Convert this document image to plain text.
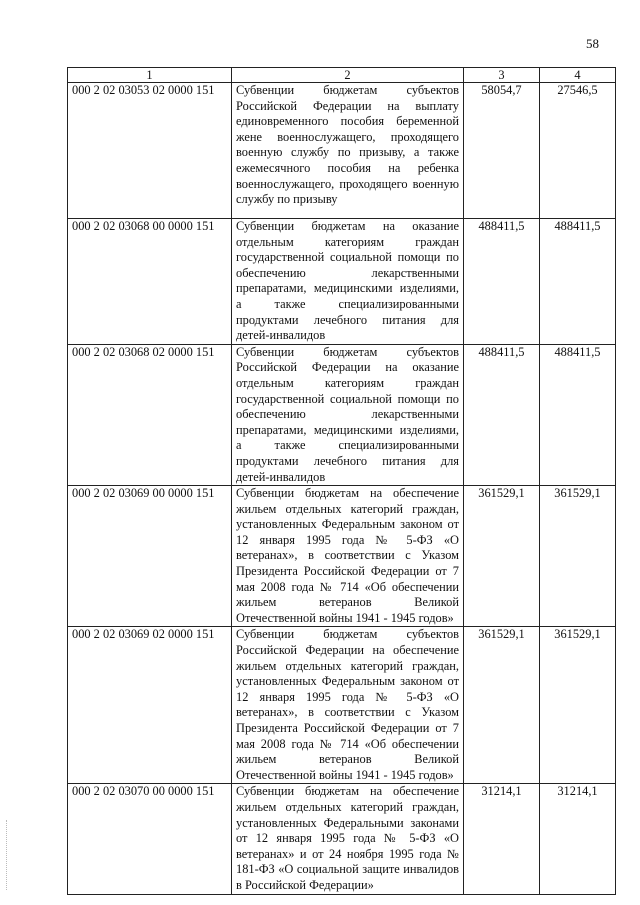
58
1	2	3	4
000 2 02 03053 02 0000 151	Субвенции бюджетам субъектов Российской Федерации на выплату единовременного пособия беременной жене военнослужащего, проходящего военную службу по призыву, а также ежемесячного пособия на ребенка военнослужащего, проходящего военную службу по призыву	58054,7	27546,5
000 2 02 03068 00 0000 151	Субвенции бюджетам на оказание отдельным категориям граждан государственной социальной помощи по обеспечению лекарственными препаратами, медицинскими изделиями, а также специализированными продуктами лечебного питания для детей-инвалидов	488411,5	488411,5
000 2 02 03068 02 0000 151	Субвенции бюджетам субъектов Российской Федерации на оказание отдельным категориям граждан государственной социальной помощи по обеспечению лекарственными препаратами, медицинскими изделиями, а также специализированными продуктами лечебного питания для детей-инвалидов	488411,5	488411,5
000 2 02 03069 00 0000 151	Субвенции бюджетам на обеспечение жильем отдельных категорий граждан, установленных Федеральным законом от 12 января 1995 года № 5-ФЗ «О ветеранах», в соответствии с Указом Президента Российской Федерации от 7 мая 2008 года № 714 «Об обеспечении жильем ветеранов Великой Отечественной войны 1941 - 1945 годов»	361529,1	361529,1
000 2 02 03069 02 0000 151	Субвенции бюджетам субъектов Российской Федерации на обеспечение жильем отдельных категорий граждан, установленных Федеральным законом от 12 января 1995 года № 5-ФЗ «О ветеранах», в соответствии с Указом Президента Российской Федерации от 7 мая 2008 года № 714 «Об обеспечении жильем ветеранов Великой Отечественной войны 1941 - 1945 годов»	361529,1	361529,1
000 2 02 03070 00 0000 151	Субвенции бюджетам на обеспечение жильем отдельных категорий граждан, установленных Федеральными законами от 12 января 1995 года № 5-ФЗ «О ветеранах» и от 24 ноября 1995 года № 181-ФЗ «О социальной защите инвалидов в Российской Федерации»	31214,1	31214,1
